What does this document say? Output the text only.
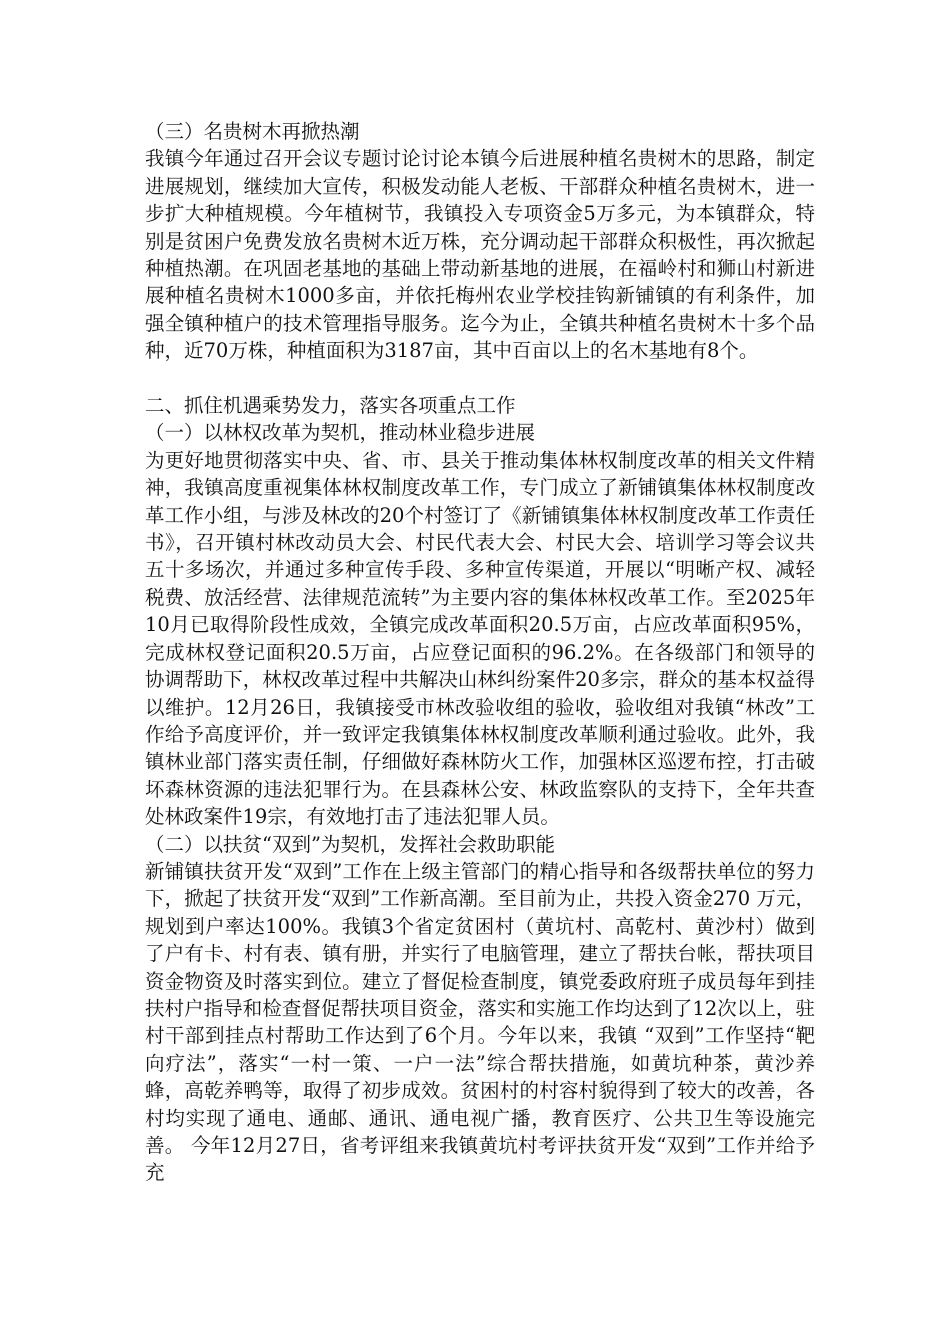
（三）名贵树木再掀热潮

我镇今年通过召开会议专题讨论讨论本镇今后进展种植名贵树木的思路，制定进展规划，继续加大宣传，积极发动能人老板、干部群众种植名贵树木，进一步扩大种植规模。今年植树节，我镇投入专项资金5万多元，为本镇群众，特别是贫困户免费发放名贵树木近万株，充分调动起干部群众积极性，再次掀起种植热潮。在巩固老基地的基础上带动新基地的进展，在福岭村和狮山村新进展种植名贵树木1000多亩，并依托梅州农业学校挂钩新铺镇的有利条件，加强全镇种植户的技术管理指导服务。迄今为止，全镇共种植名贵树木十多个品种，近70万株，种植面积为3187亩，其中百亩以上的名木基地有8个。

二、抓住机遇乘势发力，落实各项重点工作

（一）以林权改革为契机，推动林业稳步进展

为更好地贯彻落实中央、省、市、县关于推动集体林权制度改革的相关文件精神，我镇高度重视集体林权制度改革工作，专门成立了新铺镇集体林权制度改革工作小组，与涉及林改的20个村签订了《新铺镇集体林权制度改革工作责任书》，召开镇村林改动员大会、村民代表大会、村民大会、培训学习等会议共五十多场次，并通过多种宣传手段、多种宣传渠道，开展以“明晰产权、减轻税费、放活经营、法律规范流转”为主要内容的集体林权改革工作。至2025年10月已取得阶段性成效，全镇完成改革面积20.5万亩，占应改革面积95%，完成林权登记面积20.5万亩，占应登记面积的96.2%。在各级部门和领导的协调帮助下，林权改革过程中共解决山林纠纷案件20多宗，群众的基本权益得以维护。12月26日，我镇接受市林改验收组的验收，验收组对我镇“林改”工作给予高度评价，并一致评定我镇集体林权制度改革顺利通过验收。此外，我镇林业部门落实责任制，仔细做好森林防火工作，加强林区巡逻布控，打击破坏森林资源的违法犯罪行为。在县森林公安、林政监察队的支持下，全年共查处林政案件19宗，有效地打击了违法犯罪人员。

（二）以扶贫“双到”为契机，发挥社会救助职能

新铺镇扶贫开发“双到”工作在上级主管部门的精心指导和各级帮扶单位的努力下，掀起了扶贫开发“双到”工作新高潮。至目前为止，共投入资金270 万元，规划到户率达100%。我镇3个省定贫困村（黄坑村、高乾村、黄沙村）做到了户有卡、村有表、镇有册，并实行了电脑管理，建立了帮扶台帐，帮扶项目资金物资及时落实到位。建立了督促检查制度，镇党委政府班子成员每年到挂扶村户指导和检查督促帮扶项目资金，落实和实施工作均达到了12次以上，驻村干部到挂点村帮助工作达到了6个月。今年以来，我镇 “双到”工作坚持“靶向疗法”，落实“一村一策、一户一法”综合帮扶措施，如黄坑种茶，黄沙养蜂，高乾养鸭等，取得了初步成效。贫困村的村容村貌得到了较大的改善，各村均实现了通电、通邮、通讯、通电视广播，教育医疗、公共卫生等设施完善。 今年12月27日，省考评组来我镇黄坑村考评扶贫开发“双到”工作并给予充
